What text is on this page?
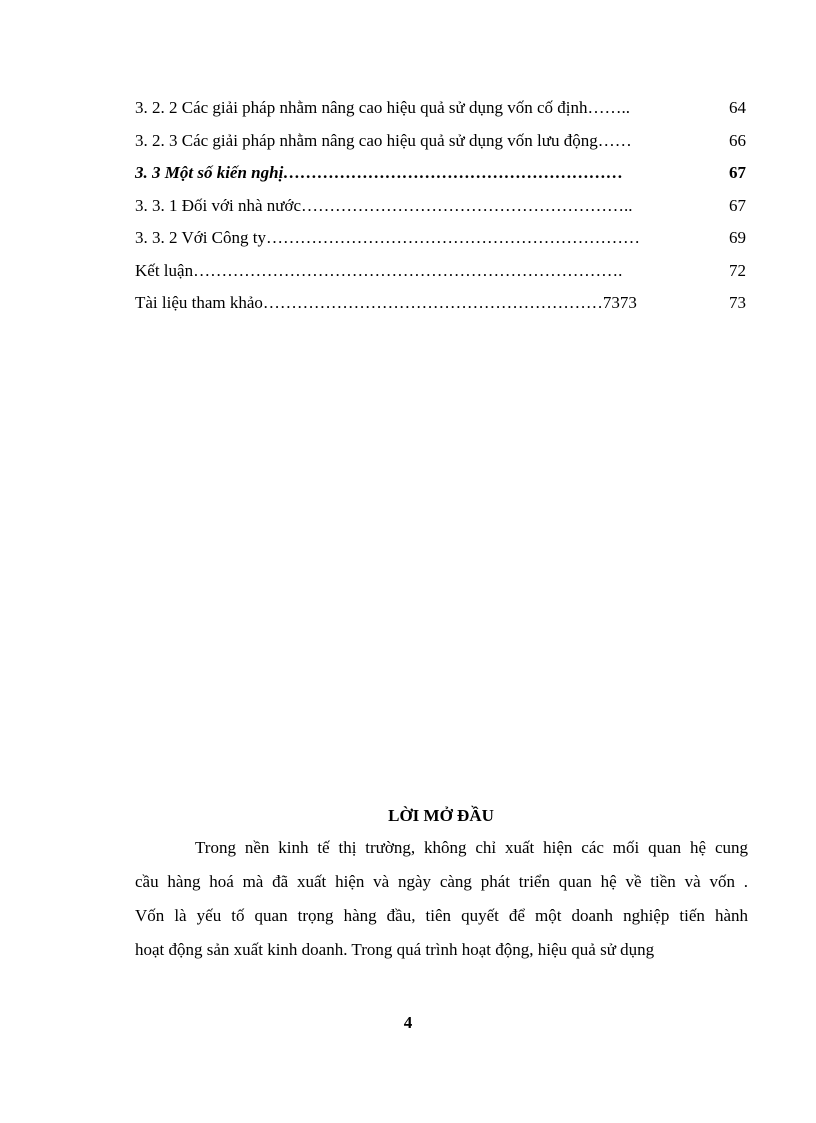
3. 2. 2 Các giải pháp nhằm nâng cao hiệu quả sử dụng vốn cố định……..	64
3. 2. 3 Các giải pháp nhằm nâng cao hiệu quả sử dụng vốn lưu động……	66
3. 3 Một số kiến nghị……………………………………………………	67
3. 3. 1 Đối với nhà nước…………………………………………………..	67
3. 3. 2 Với Công ty…………………………………………………………	69
Kết luận………………………………………………………………….	72
Tài liệu tham khảo……………………………………………………7373	73
LỜI MỞ ĐẦU
Trong nền kinh tế thị trường, không chỉ xuất hiện các mối quan hệ cung
cầu hàng hoá mà đã xuất hiện và ngày càng phát triển quan hệ về tiền và vốn .
Vốn là yếu tố quan trọng hàng đầu, tiên quyết để một doanh nghiệp tiến hành
hoạt động sản xuất kinh doanh. Trong quá trình hoạt động, hiệu quả sử dụng
4
